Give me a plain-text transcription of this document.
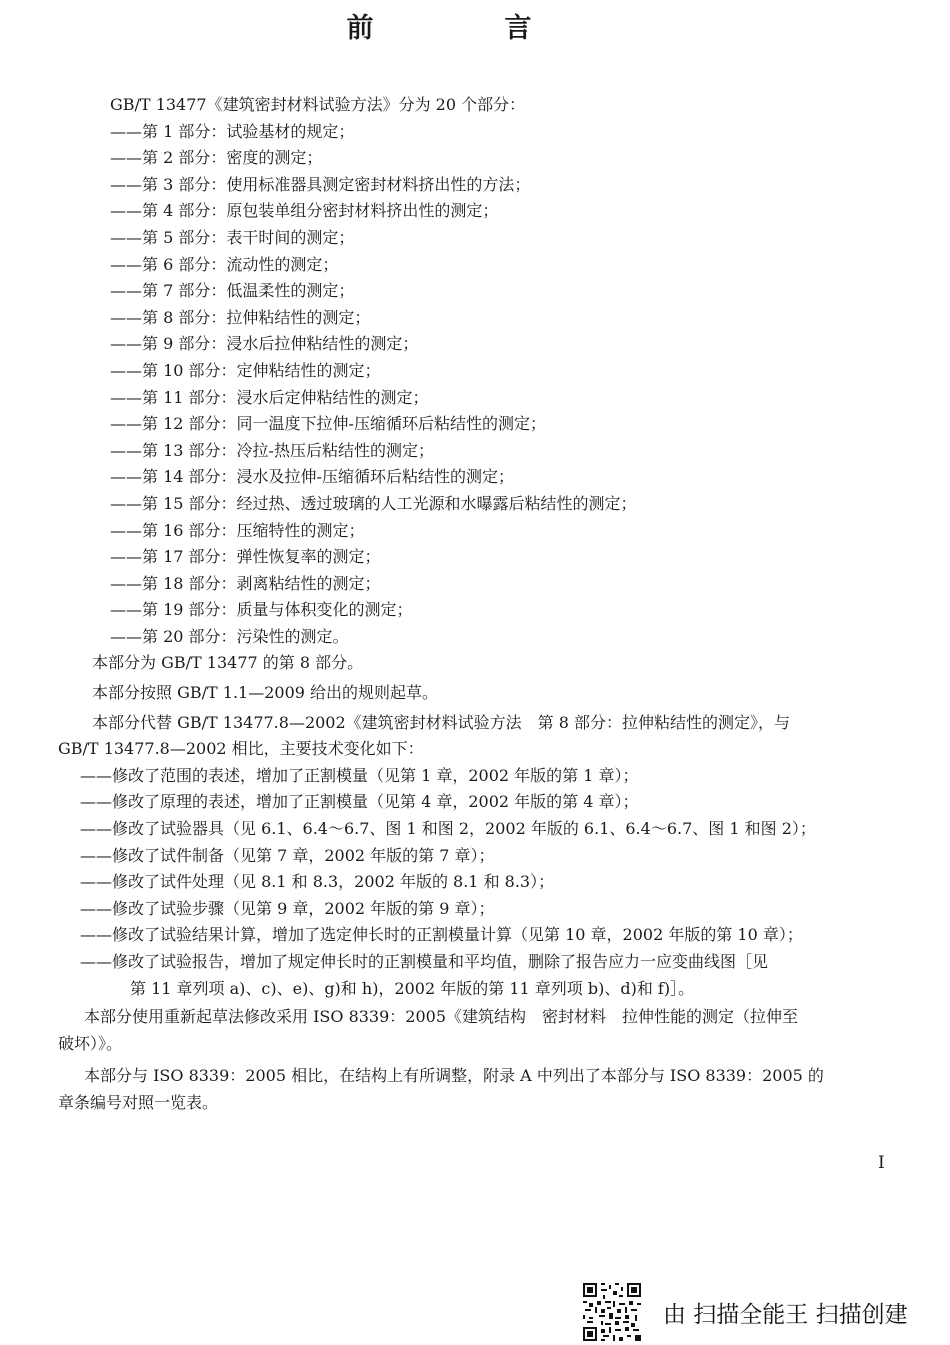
前　言
GB/T 13477《建筑密封材料试验方法》分为 20 个部分：
——第 1 部分：试验基材的规定；
——第 2 部分：密度的测定；
——第 3 部分：使用标准器具测定密封材料挤出性的方法；
——第 4 部分：原包装单组分密封材料挤出性的测定；
——第 5 部分：表干时间的测定；
——第 6 部分：流动性的测定；
——第 7 部分：低温柔性的测定；
——第 8 部分：拉伸粘结性的测定；
——第 9 部分：浸水后拉伸粘结性的测定；
——第 10 部分：定伸粘结性的测定；
——第 11 部分：浸水后定伸粘结性的测定；
——第 12 部分：同一温度下拉伸-压缩循环后粘结性的测定；
——第 13 部分：冷拉-热压后粘结性的测定；
——第 14 部分：浸水及拉伸-压缩循环后粘结性的测定；
——第 15 部分：经过热、透过玻璃的人工光源和水曝露后粘结性的测定；
——第 16 部分：压缩特性的测定；
——第 17 部分：弹性恢复率的测定；
——第 18 部分：剥离粘结性的测定；
——第 19 部分：质量与体积变化的测定；
——第 20 部分：污染性的测定。
本部分为 GB/T 13477 的第 8 部分。
本部分按照 GB/T 1.1—2009 给出的规则起草。
本部分代替 GB/T 13477.8—2002《建筑密封材料试验方法　第 8 部分：拉伸粘结性的测定》，与
GB/T 13477.8—2002 相比，主要技术变化如下：
——修改了范围的表述，增加了正割模量（见第 1 章，2002 年版的第 1 章）；
——修改了原理的表述，增加了正割模量（见第 4 章，2002 年版的第 4 章）；
——修改了试验器具（见 6.1、6.4～6.7、图 1 和图 2，2002 年版的 6.1、6.4～6.7、图 1 和图 2）；
——修改了试件制备（见第 7 章，2002 年版的第 7 章）；
——修改了试件处理（见 8.1 和 8.3，2002 年版的 8.1 和 8.3）；
——修改了试验步骤（见第 9 章，2002 年版的第 9 章）；
——修改了试验结果计算，增加了选定伸长时的正割模量计算（见第 10 章，2002 年版的第 10 章）；
——修改了试验报告，增加了规定伸长时的正割模量和平均值，删除了报告应力一应变曲线图［见
第 11 章列项 a)、c)、e)、g)和 h)，2002 年版的第 11 章列项 b)、d)和 f)］。
本部分使用重新起草法修改采用 ISO 8339：2005《建筑结构　密封材料　拉伸性能的测定（拉伸至
破坏）》。
本部分与 ISO 8339：2005 相比，在结构上有所调整，附录 A 中列出了本部分与 ISO 8339：2005 的
章条编号对照一览表。
I
由 扫描全能王 扫描创建
